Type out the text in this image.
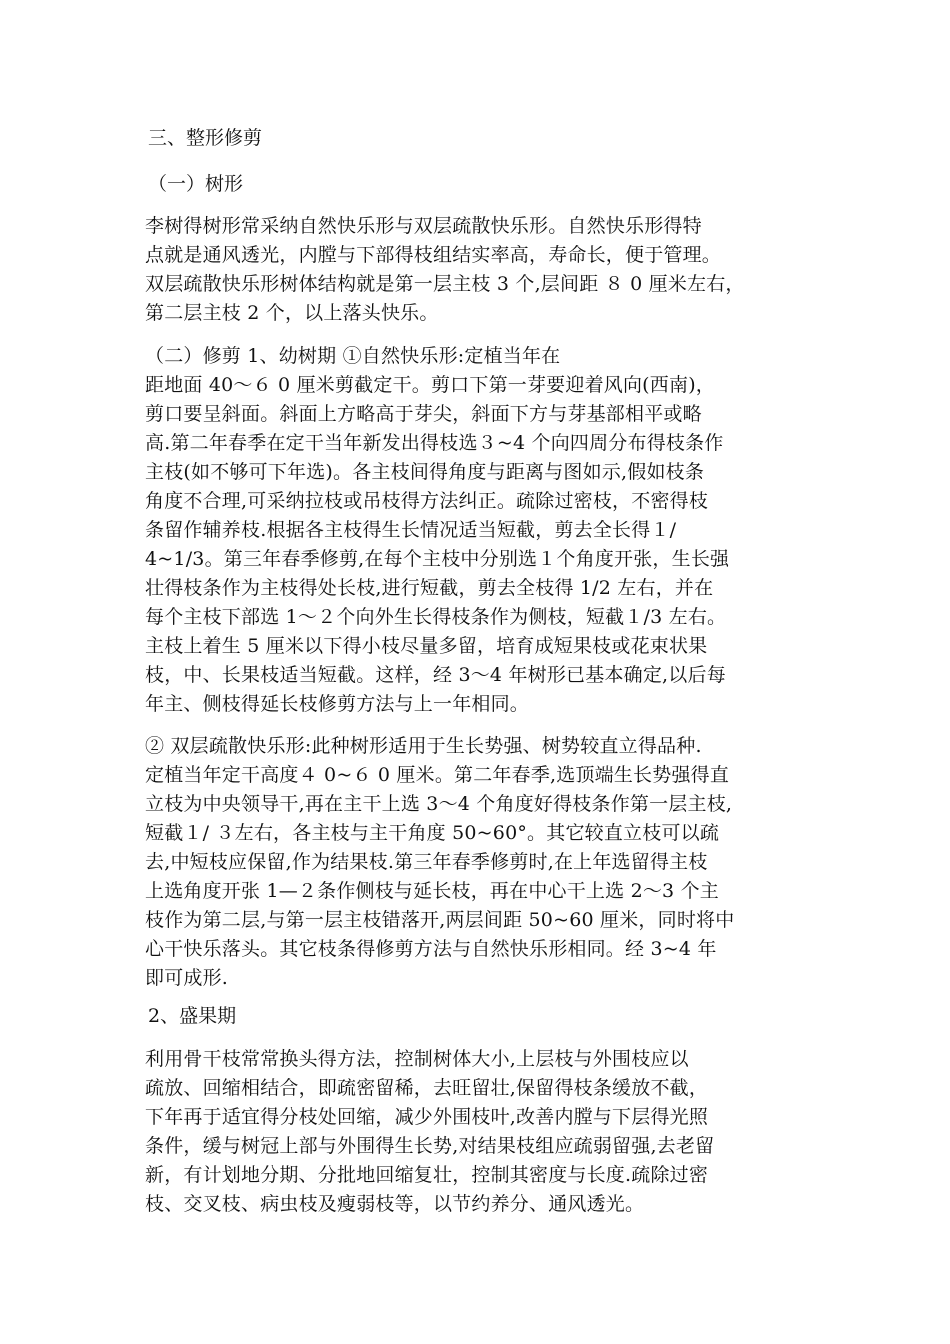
三、整形修剪
（一）树形
李树得树形常采纳自然快乐形与双层疏散快乐形。自然快乐形得特
点就是通风透光，内膛与下部得枝组结实率高，寿命长，便于管理。
双层疏散快乐形树体结构就是第一层主枝 3 个,层间距 ８ 0 厘米左右，
第二层主枝 2 个，以上落头快乐。
（二）修剪 1、幼树期 ①自然快乐形:定植当年在
距地面 40～６ 0 厘米剪截定干。剪口下第一芽要迎着风向(西南)，
剪口要呈斜面。斜面上方略高于芽尖，斜面下方与芽基部相平或略
高.第二年春季在定干当年新发出得枝选３~4 个向四周分布得枝条作
主枝(如不够可下年选)。各主枝间得角度与距离与图如示,假如枝条
角度不合理,可采纳拉枝或吊枝得方法纠正。疏除过密枝，不密得枝
条留作辅养枝.根据各主枝得生长情况适当短截，剪去全长得１/
4~1/3。第三年春季修剪,在每个主枝中分别选１个角度开张，生长强
壮得枝条作为主枝得处长枝,进行短截，剪去全枝得 1/2 左右，并在
每个主枝下部选 1～２个向外生长得枝条作为侧枝，短截１/3 左右。
主枝上着生 5 厘米以下得小枝尽量多留，培育成短果枝或花束状果
枝，中、长果枝适当短截。这样，经 3～4 年树形已基本确定,以后每
年主、侧枝得延长枝修剪方法与上一年相同。
② 双层疏散快乐形:此种树形适用于生长势强、树势较直立得品种.
定植当年定干高度４ 0~６ 0 厘米。第二年春季,选顶端生长势强得直
立枝为中央领导干,再在主干上选 3～4 个角度好得枝条作第一层主枝,
短截１/ ３左右，各主枝与主干角度 50~60°。其它较直立枝可以疏
去,中短枝应保留,作为结果枝.第三年春季修剪时,在上年选留得主枝
上选角度开张 1—２条作侧枝与延长枝，再在中心干上选 2～3 个主
枝作为第二层,与第一层主枝错落开,两层间距 50~60 厘米，同时将中
心干快乐落头。其它枝条得修剪方法与自然快乐形相同。经 3~4 年
即可成形.
2、盛果期
利用骨干枝常常换头得方法，控制树体大小,上层枝与外围枝应以
疏放、回缩相结合，即疏密留稀，去旺留壮,保留得枝条缓放不截，
下年再于适宜得分枝处回缩，减少外围枝叶,改善内膛与下层得光照
条件，缓与树冠上部与外围得生长势,对结果枝组应疏弱留强,去老留
新，有计划地分期、分批地回缩复壮，控制其密度与长度.疏除过密
枝、交叉枝、病虫枝及瘦弱枝等，以节约养分、通风透光。
